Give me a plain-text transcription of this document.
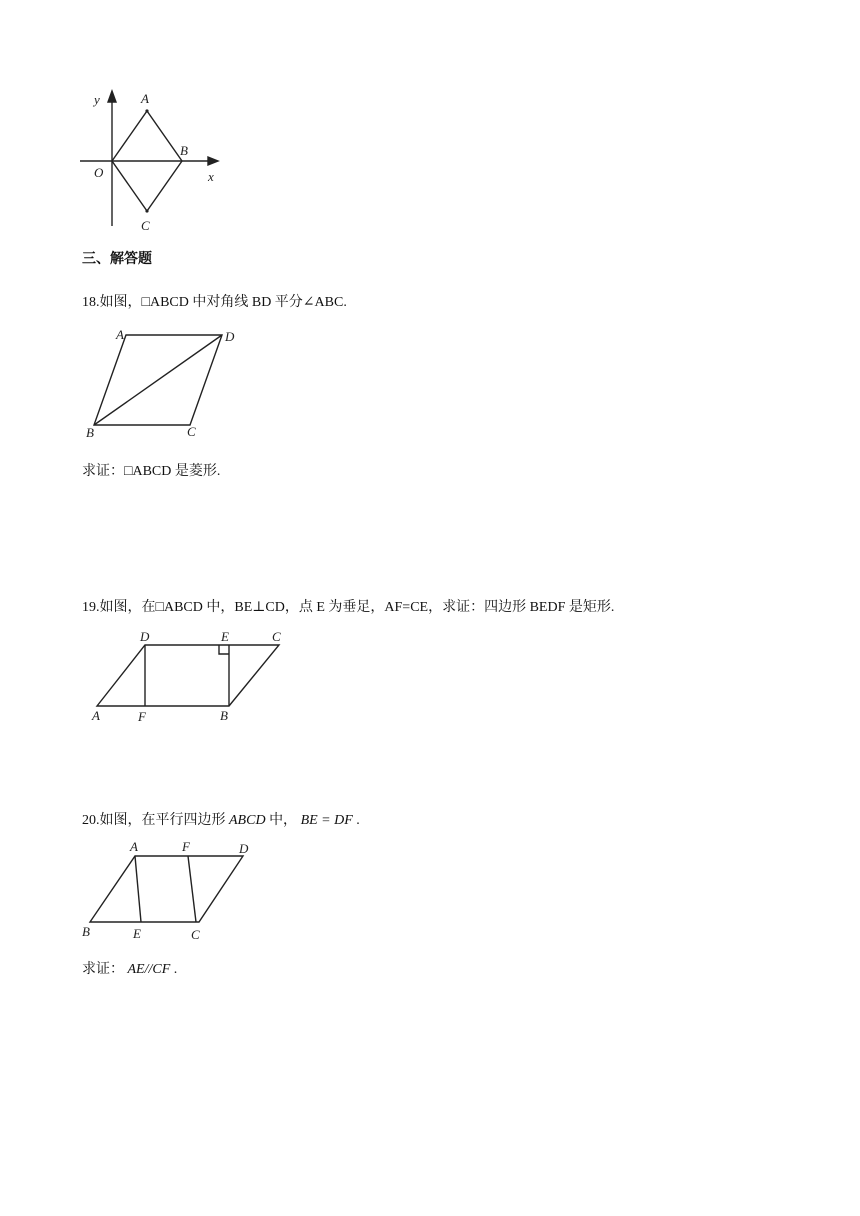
y	A
B
O	x
C
三、解答题
18.如图，□ABCD 中对角线 BD 平分∠ABC.
A	D
B	C
求证：□ABCD 是菱形.
19.如图，在□ABCD 中，BE⊥CD，点 E 为垂足，AF=CE，求证：四边形 BEDF 是矩形.
D	E	C
A	F	B
20.如图，在平行四边形 ABCD 中， BE = DF .
A	F	D
B	E	C
求证： AE//CF .
